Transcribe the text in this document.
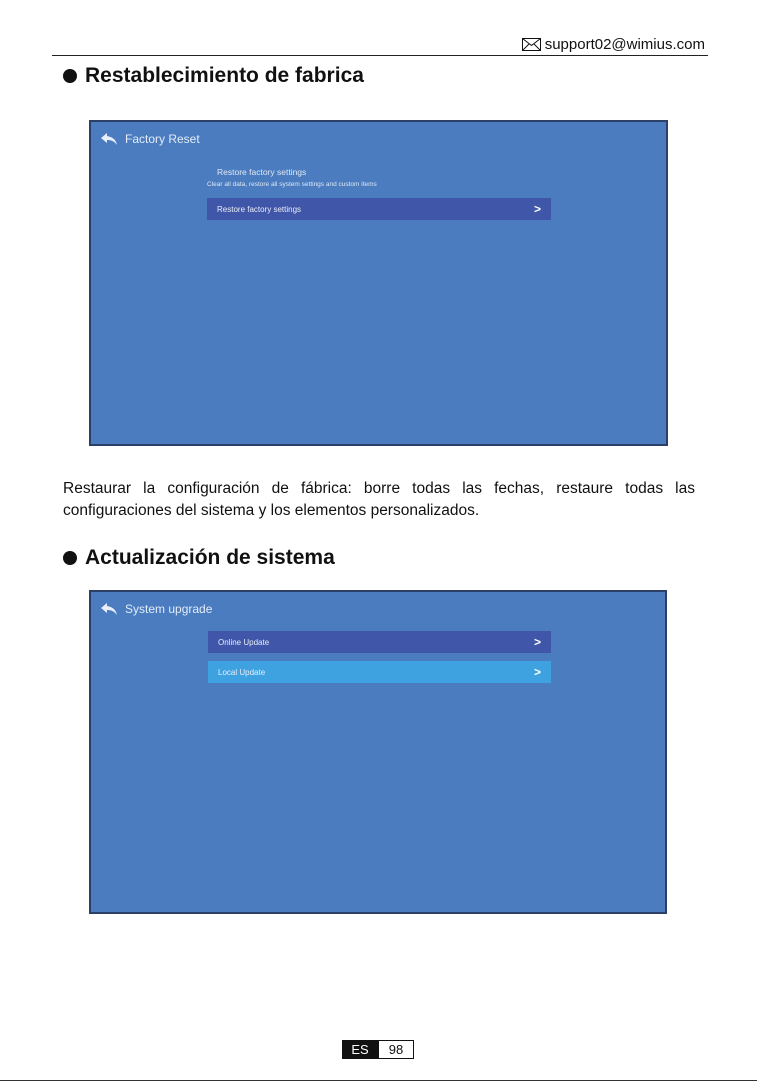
support02@wimius.com
Restablecimiento de fabrica
Factory Reset
Restore factory settings
Clear all data, restore all system settings and custom items
Restore factory settings	>
Restaurar la configuración de fábrica: borre todas las fechas, restaure todas las configuraciones del sistema y los elementos personalizados.
Actualización de sistema
System upgrade
Online Update	>
Local Update	>
ES	98
